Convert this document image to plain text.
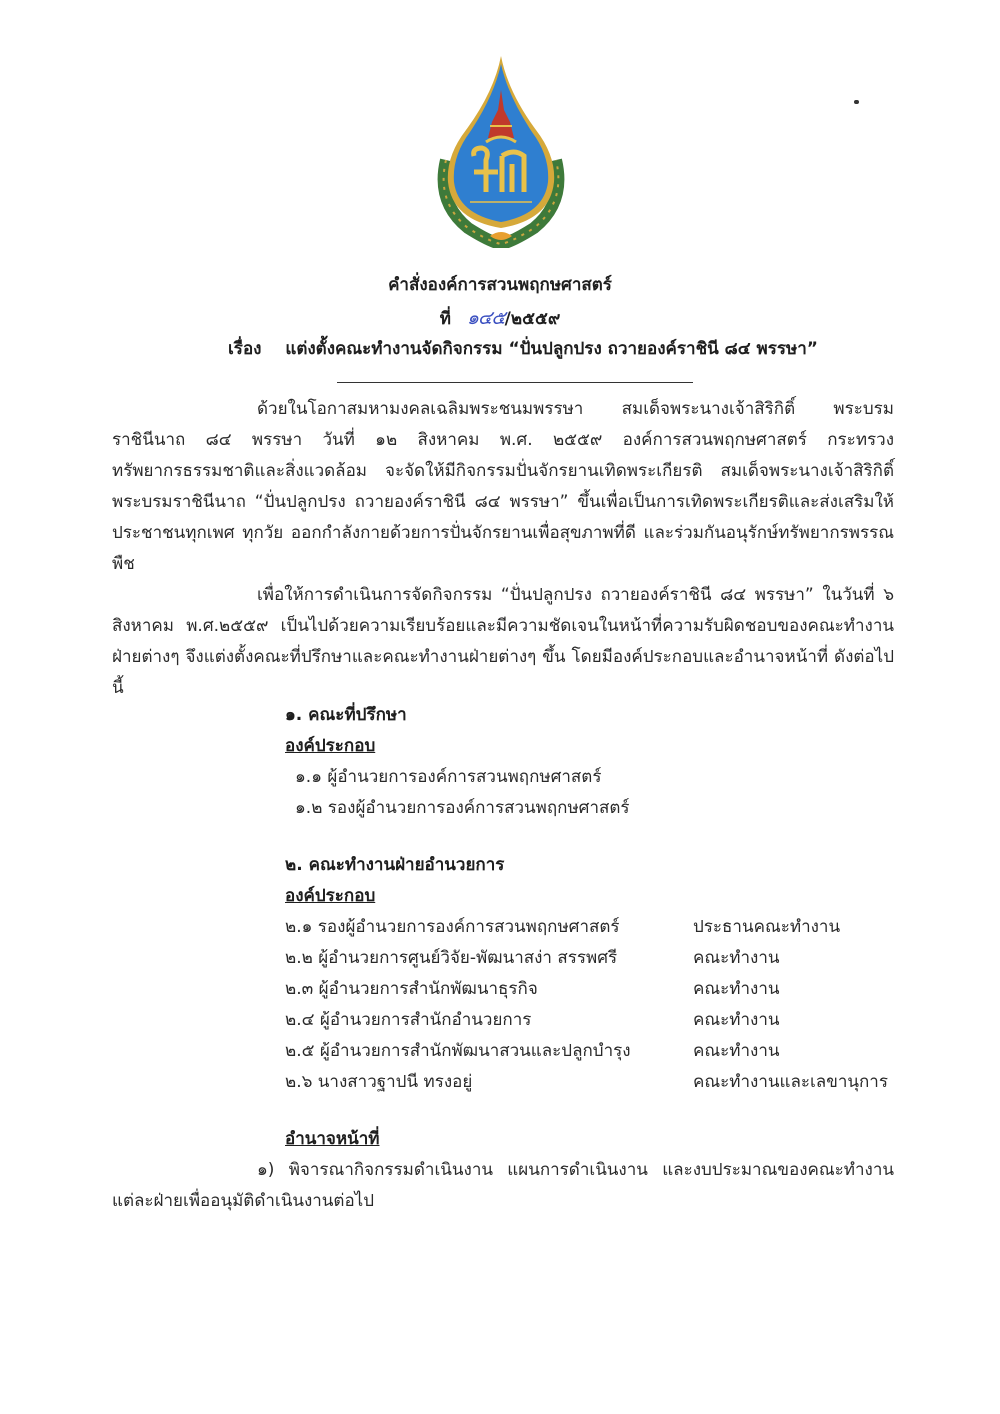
คำสั่งองค์การสวนพฤกษศาสตร์
ที่ ๑๔๕/๒๕๕๙
เรื่อง แต่งตั้งคณะทำงานจัดกิจกรรม “ปั่นปลูกปรง ถวายองค์ราชินี ๘๔ พรรษา”
ด้วยในโอกาสมหามงคลเฉลิมพระชนมพรรษา สมเด็จพระนางเจ้าสิริกิติ์ พระบรมราชินีนาถ ๘๔ พรรษา วันที่ ๑๒ สิงหาคม พ.ศ. ๒๕๕๙ องค์การสวนพฤกษศาสตร์ กระทรวงทรัพยากรธรรมชาติและสิ่งแวดล้อม จะจัดให้มีกิจกรรมปั่นจักรยานเทิดพระเกียรติ สมเด็จพระนางเจ้าสิริกิติ์ พระบรมราชินีนาถ “ปั่นปลูกปรง ถวายองค์ราชินี ๘๔ พรรษา” ขึ้นเพื่อเป็นการเทิดพระเกียรติและส่งเสริมให้ประชาชนทุกเพศ ทุกวัย ออกกำลังกายด้วยการปั่นจักรยานเพื่อสุขภาพที่ดี และร่วมกันอนุรักษ์ทรัพยากรพรรณพืช
เพื่อให้การดำเนินการจัดกิจกรรม “ปั่นปลูกปรง ถวายองค์ราชินี ๘๔ พรรษา” ในวันที่ ๖ สิงหาคม พ.ศ.๒๕๕๙ เป็นไปด้วยความเรียบร้อยและมีความชัดเจนในหน้าที่ความรับผิดชอบของคณะทำงานฝ่ายต่างๆ จึงแต่งตั้งคณะที่ปรึกษาและคณะทำงานฝ่ายต่างๆ ขึ้น โดยมีองค์ประกอบและอำนาจหน้าที่ ดังต่อไปนี้
๑. คณะที่ปรึกษา
องค์ประกอบ
๑.๑ ผู้อำนวยการองค์การสวนพฤกษศาสตร์
๑.๒ รองผู้อำนวยการองค์การสวนพฤกษศาสตร์
๒. คณะทำงานฝ่ายอำนวยการ
องค์ประกอบ
๒.๑ รองผู้อำนวยการองค์การสวนพฤกษศาสตร์	ประธานคณะทำงาน
๒.๒ ผู้อำนวยการศูนย์วิจัย-พัฒนาสง่า สรรพศรี	คณะทำงาน
๒.๓ ผู้อำนวยการสำนักพัฒนาธุรกิจ	คณะทำงาน
๒.๔ ผู้อำนวยการสำนักอำนวยการ	คณะทำงาน
๒.๕ ผู้อำนวยการสำนักพัฒนาสวนและปลูกบำรุง	คณะทำงาน
๒.๖ นางสาวฐาปนี ทรงอยู่	คณะทำงานและเลขานุการ
อำนาจหน้าที่
๑) พิจารณากิจกรรมดำเนินงาน แผนการดำเนินงาน และงบประมาณของคณะทำงานแต่ละฝ่ายเพื่ออนุมัติดำเนินงานต่อไป
